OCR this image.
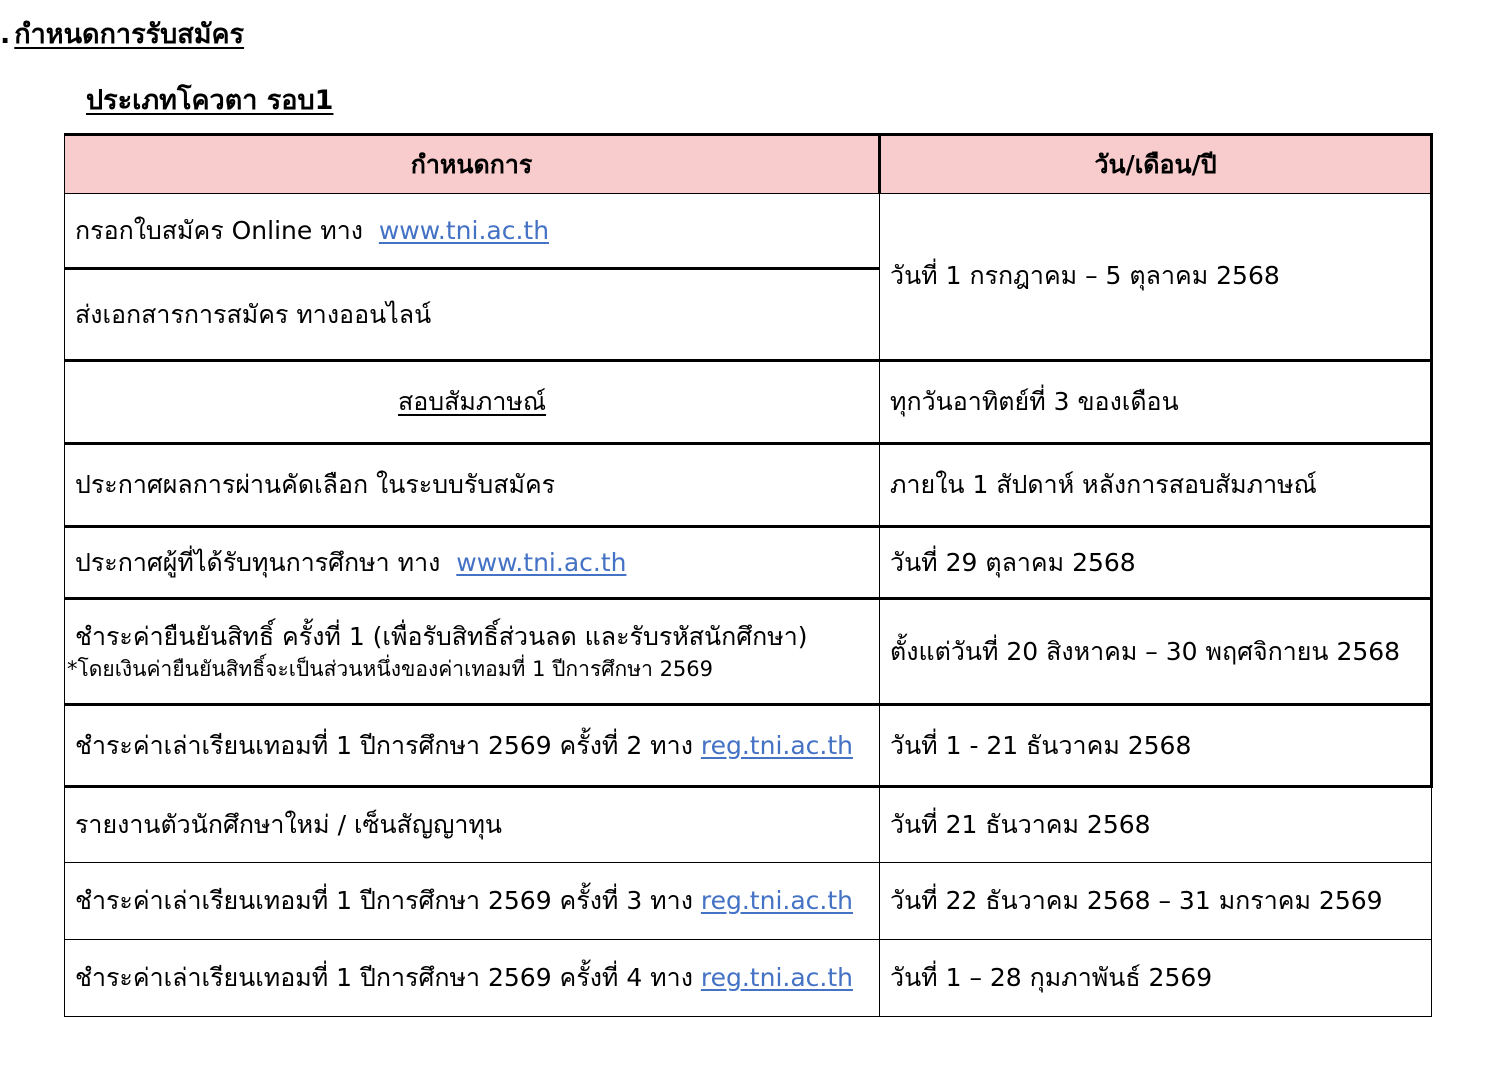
. กำหนดการรับสมัคร
ประเภทโควตา รอบ1
กำหนดการ	วัน/เดือน/ปี
กรอกใบสมัคร Online ทาง www.tni.ac.th	วันที่ 1 กรกฎาคม – 5 ตุลาคม 2568
ส่งเอกสารการสมัคร ทางออนไลน์	
สอบสัมภาษณ์	ทุกวันอาทิตย์ที่ 3 ของเดือน
ประกาศผลการผ่านคัดเลือก ในระบบรับสมัคร	ภายใน 1 สัปดาห์ หลังการสอบสัมภาษณ์
ประกาศผู้ที่ได้รับทุนการศึกษา ทาง www.tni.ac.th	วันที่ 29 ตุลาคม 2568
ชำระค่ายืนยันสิทธิ์ ครั้งที่ 1 (เพื่อรับสิทธิ์ส่วนลด และรับรหัสนักศึกษา)
*โดยเงินค่ายืนยันสิทธิ์จะเป็นส่วนหนึ่งของค่าเทอมที่ 1 ปีการศึกษา 2569	ตั้งแต่วันที่ 20 สิงหาคม – 30 พฤศจิกายน 2568
ชำระค่าเล่าเรียนเทอมที่ 1 ปีการศึกษา 2569 ครั้งที่ 2 ทาง reg.tni.ac.th	วันที่ 1 - 21 ธันวาคม 2568
รายงานตัวนักศึกษาใหม่ / เซ็นสัญญาทุน	วันที่ 21 ธันวาคม 2568
ชำระค่าเล่าเรียนเทอมที่ 1 ปีการศึกษา 2569 ครั้งที่ 3 ทาง reg.tni.ac.th	วันที่ 22 ธันวาคม 2568 – 31 มกราคม 2569
ชำระค่าเล่าเรียนเทอมที่ 1 ปีการศึกษา 2569 ครั้งที่ 4 ทาง reg.tni.ac.th	วันที่ 1 – 28 กุมภาพันธ์ 2569
